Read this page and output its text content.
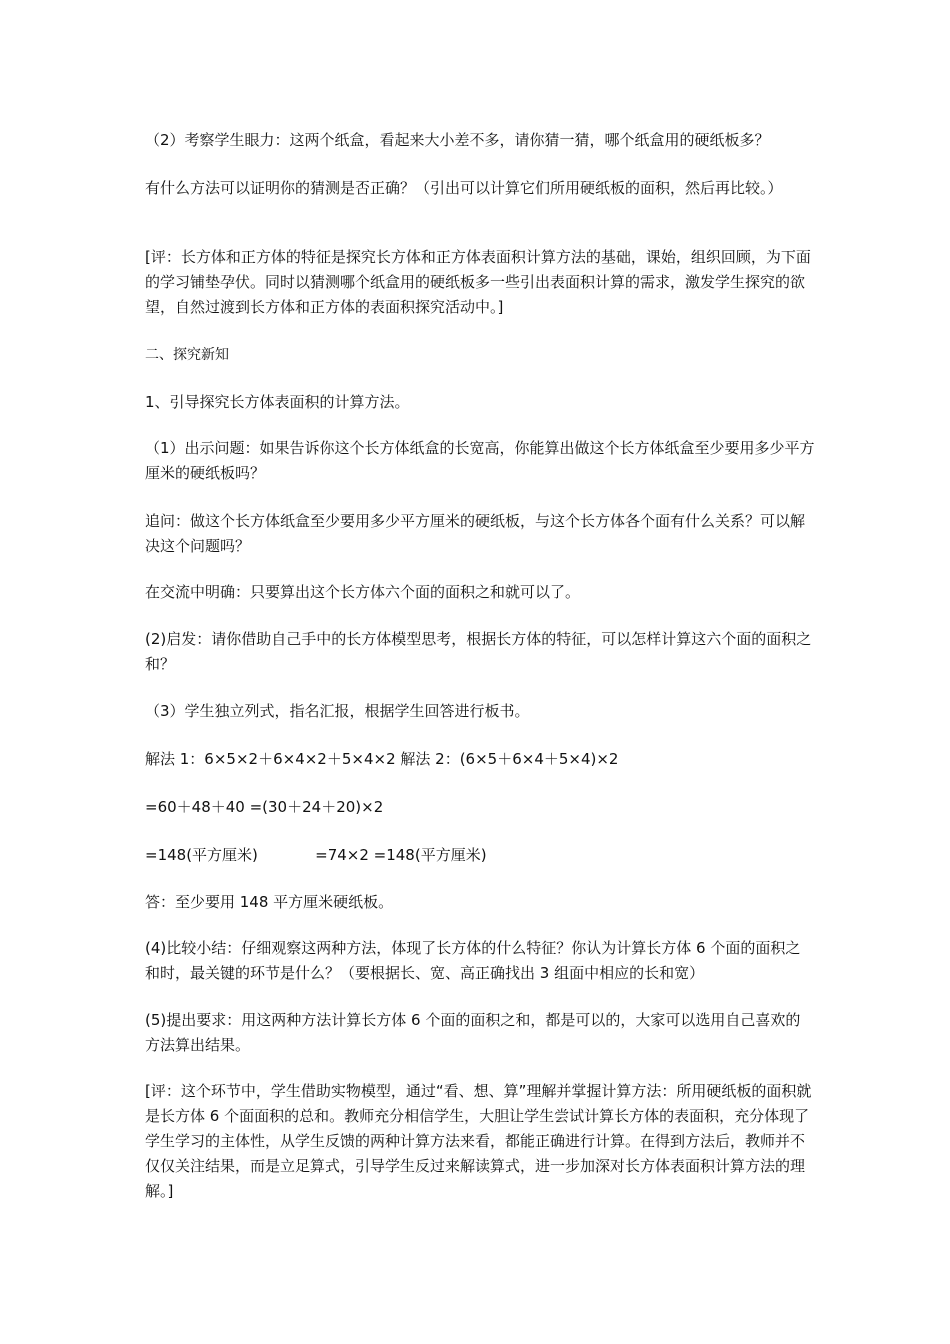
（2）考察学生眼力：这两个纸盒，看起来大小差不多，请你猜一猜，哪个纸盒用的硬纸板多？

有什么方法可以证明你的猜测是否正确？（引出可以计算它们所用硬纸板的面积，然后再比较。）

[评：长方体和正方体的特征是探究长方体和正方体表面积计算方法的基础，课始，组织回顾，为下面的学习铺垫孕伏。同时以猜测哪个纸盒用的硬纸板多一些引出表面积计算的需求，激发学生探究的欲望，自然过渡到长方体和正方体的表面积探究活动中。]

二、探究新知

1、引导探究长方体表面积的计算方法。

（1）出示问题：如果告诉你这个长方体纸盒的长宽高，你能算出做这个长方体纸盒至少要用多少平方厘米的硬纸板吗？

追问：做这个长方体纸盒至少要用多少平方厘米的硬纸板，与这个长方体各个面有什么关系？可以解决这个问题吗？

在交流中明确：只要算出这个长方体六个面的面积之和就可以了。

(2)启发：请你借助自己手中的长方体模型思考，根据长方体的特征，可以怎样计算这六个面的面积之和？

（3）学生独立列式，指名汇报，根据学生回答进行板书。

解法 1：6×5×2＋6×4×2＋5×4×2 解法 2：(6×5＋6×4＋5×4)×2

=60＋48＋40 =(30＋24＋20)×2

=148(平方厘米)            =74×2 =148(平方厘米)

答：至少要用 148 平方厘米硬纸板。

(4)比较小结：仔细观察这两种方法，体现了长方体的什么特征？你认为计算长方体 6 个面的面积之和时，最关键的环节是什么？（要根据长、宽、高正确找出 3 组面中相应的长和宽）

(5)提出要求：用这两种方法计算长方体 6 个面的面积之和，都是可以的，大家可以选用自己喜欢的方法算出结果。

[评：这个环节中，学生借助实物模型，通过“看、想、算”理解并掌握计算方法：所用硬纸板的面积就是长方体 6 个面面积的总和。教师充分相信学生，大胆让学生尝试计算长方体的表面积，充分体现了学生学习的主体性，从学生反馈的两种计算方法来看，都能正确进行计算。在得到方法后，教师并不仅仅关注结果，而是立足算式，引导学生反过来解读算式，进一步加深对长方体表面积计算方法的理解。]
